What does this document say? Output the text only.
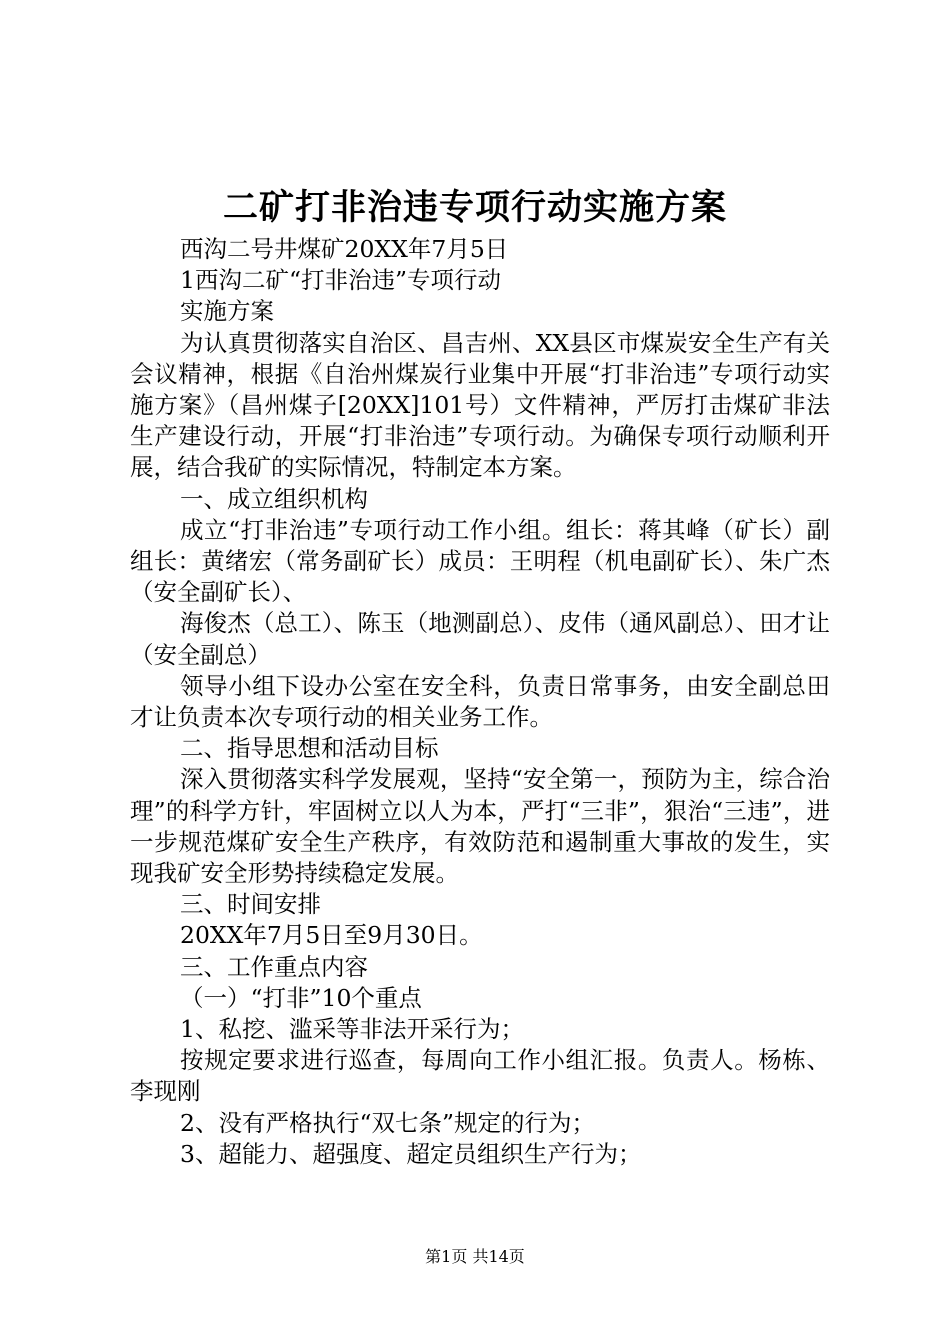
二矿打非治违专项行动实施方案

西沟二号井煤矿20XX年7月5日

1西沟二矿“打非治违”专项行动

实施方案

为认真贯彻落实自治区、昌吉州、XX县区市煤炭安全生产有关会议精神，根据《自治州煤炭行业集中开展“打非治违”专项行动实施方案》（昌州煤子[20XX]101号）文件精神，严厉打击煤矿非法生产建设行动，开展“打非治违”专项行动。为确保专项行动顺利开展，结合我矿的实际情况，特制定本方案。

一、成立组织机构

成立“打非治违”专项行动工作小组。组长：蒋其峰（矿长）副组长：黄绪宏（常务副矿长）成员：王明程（机电副矿长）、朱广杰（安全副矿长）、

海俊杰（总工）、陈玉（地测副总）、皮伟（通风副总）、田才让（安全副总）

领导小组下设办公室在安全科，负责日常事务，由安全副总田才让负责本次专项行动的相关业务工作。

二、指导思想和活动目标

深入贯彻落实科学发展观，坚持“安全第一，预防为主，综合治理”的科学方针，牢固树立以人为本，严打“三非”，狠治“三违”，进一步规范煤矿安全生产秩序，有效防范和遏制重大事故的发生，实现我矿安全形势持续稳定发展。

三、时间安排

20XX年7月5日至9月30日。

三、工作重点内容

（一）“打非”10个重点

1、私挖、滥采等非法开采行为；

按规定要求进行巡查，每周向工作小组汇报。负责人。杨栋、李现刚

2、没有严格执行“双七条”规定的行为；

3、超能力、超强度、超定员组织生产行为；

第1页 共14页
